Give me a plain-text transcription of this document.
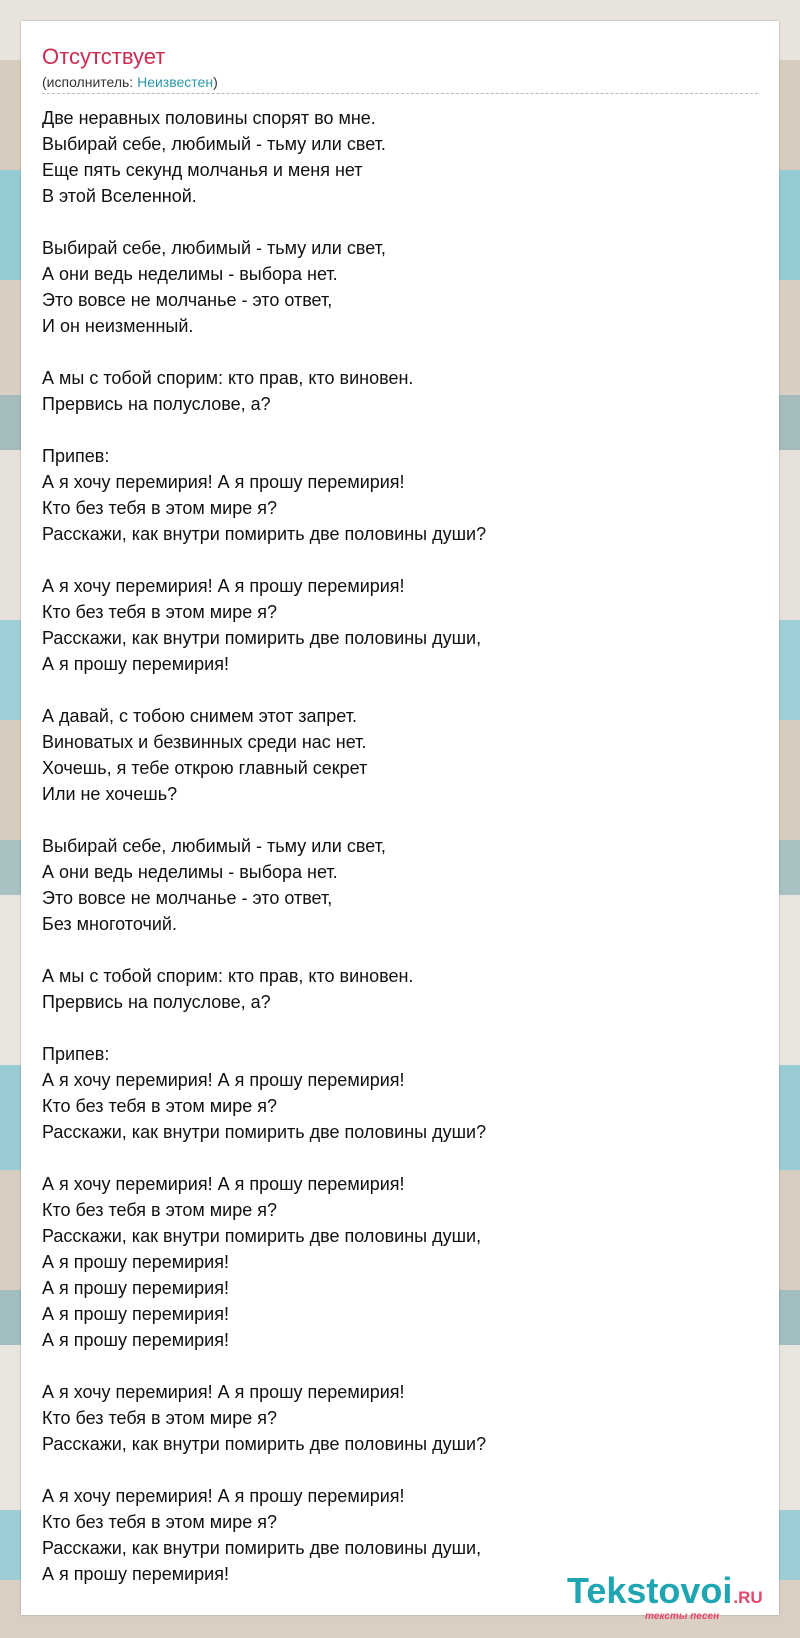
Отсутствует
(исполнитель: Неизвестен)
Две неравных половины спорят во мне.
Выбирай себе, любимый - тьму или свет.
Еще пять секунд молчанья и меня нет
В этой Вселенной.
Выбирай себе, любимый - тьму или свет,
А они ведь неделимы - выбора нет.
Это вовсе не молчанье - это ответ,
И он неизменный.
А мы с тобой спорим: кто прав, кто виновен.
Прервись на полуслове, а?
Припев:
А я хочу перемирия! А я прошу перемирия!
Кто без тебя в этом мире я?
Расскажи, как внутри помирить две половины души?
А я хочу перемирия! А я прошу перемирия!
Кто без тебя в этом мире я?
Расскажи, как внутри помирить две половины души,
А я прошу перемирия!
А давай, с тобою снимем этот запрет.
Виноватых и безвинных среди нас нет.
Хочешь, я тебе открою главный секрет
Или не хочешь?
Выбирай себе, любимый - тьму или свет,
А они ведь неделимы - выбора нет.
Это вовсе не молчанье - это ответ,
Без многоточий.
А мы с тобой спорим: кто прав, кто виновен.
Прервись на полуслове, а?
Припев:
А я хочу перемирия! А я прошу перемирия!
Кто без тебя в этом мире я?
Расскажи, как внутри помирить две половины души?
А я хочу перемирия! А я прошу перемирия!
Кто без тебя в этом мире я?
Расскажи, как внутри помирить две половины души,
А я прошу перемирия!
А я прошу перемирия!
А я прошу перемирия!
А я прошу перемирия!
А я хочу перемирия! А я прошу перемирия!
Кто без тебя в этом мире я?
Расскажи, как внутри помирить две половины души?
А я хочу перемирия! А я прошу перемирия!
Кто без тебя в этом мире я?
Расскажи, как внутри помирить две половины души,
А я прошу перемирия!	Tekstovoi.RU
тексты песен
